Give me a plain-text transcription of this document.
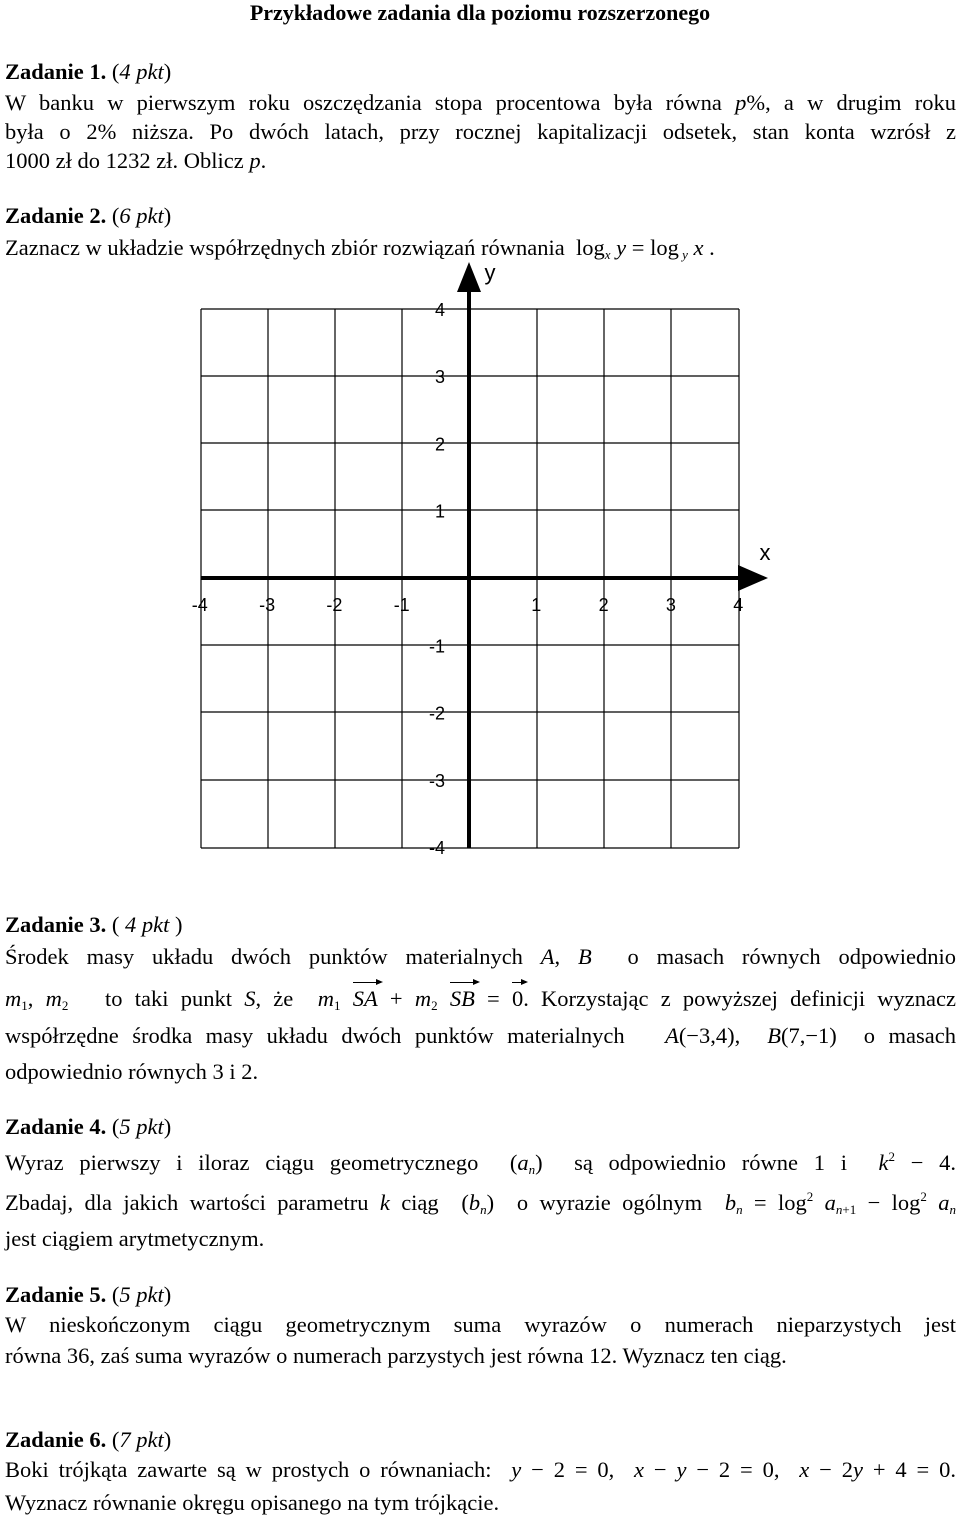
Przykładowe zadania dla poziomu rozszerzonego
Zadanie 1. (4 pkt)
W banku w pierwszym roku oszczędzania stopa procentowa była równa p%, a w drugim roku
była o 2% niższa. Po dwóch latach, przy rocznej kapitalizacji odsetek, stan konta wzrósł z
1000 zł do 1232 zł. Oblicz p.
Zadanie 2. (6 pkt)
Zaznacz w układzie współrzędnych zbiór rozwiązań równania  $\log_x y = \log _y$ x .
y
x
-4	-3	-2	-1	1	2	3	4
4
3
2
1
-1
-2
-3
-4
Zadanie 3. ( 4 pkt )
Środek masy układu dwóch punktów materialnych A, B  o masach równych odpowiednio
$m_1$, $m_2$   to taki punkt S, że  $m_1$ SA + $m_2$ SB = 0. Korzystając z powyższej definicji wyznacz
współrzędne środka masy układu dwóch punktów materialnych   A(−3,4),  B(7,−1)  o masach
odpowiednio równych 3 i 2.
Zadanie 4. (5 pkt)
Wyraz pierwszy i iloraz ciągu geometrycznego  $(a_n)$  są odpowiednio równe 1 i  $k^2 - 4$.
Zbadaj, dla jakich wartości parametru k ciąg  $(b_n)$  o wyrazie ogólnym  $b_n = \log^2 a_{n+1} - \log^2 a_n$
jest ciągiem arytmetycznym.
Zadanie 5. (5 pkt)
W nieskończonym ciągu geometrycznym suma wyrazów o numerach nieparzystych jest
równa 36, zaś suma wyrazów o numerach parzystych jest równa 12. Wyznacz ten ciąg.
Zadanie 6. (7 pkt)
Boki trójkąta zawarte są w prostych o równaniach:  y − 2 = 0,  x − y − 2 = 0,  x − 2y + 4 = 0.
Wyznacz równanie okręgu opisanego na tym trójkącie.
